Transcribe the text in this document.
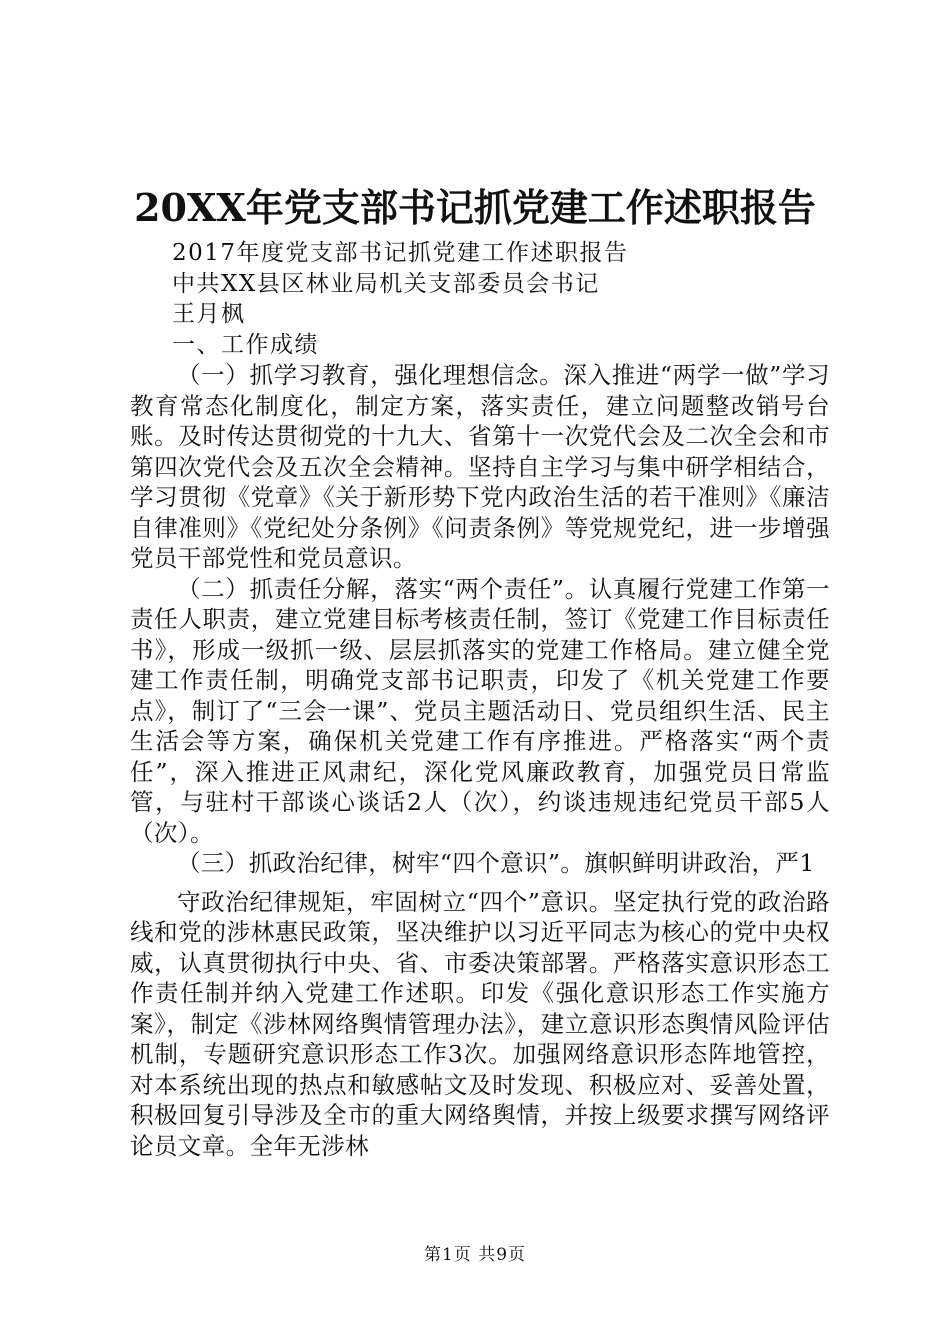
20XX年党支部书记抓党建工作述职报告
2017年度党支部书记抓党建工作述职报告
中共XX县区林业局机关支部委员会书记
王月枫
一、工作成绩

（一）抓学习教育，强化理想信念。深入推进“两学一做”学习教育常态化制度化，制定方案，落实责任，建立问题整改销号台账。及时传达贯彻党的十九大、省第十一次党代会及二次全会和市第四次党代会及五次全会精神。坚持自主学习与集中研学相结合，学习贯彻《党章》《关于新形势下党内政治生活的若干准则》《廉洁自律准则》《党纪处分条例》《问责条例》等党规党纪，进一步增强党员干部党性和党员意识。

（二）抓责任分解，落实“两个责任”。认真履行党建工作第一责任人职责，建立党建目标考核责任制，签订《党建工作目标责任书》，形成一级抓一级、层层抓落实的党建工作格局。建立健全党建工作责任制，明确党支部书记职责，印发了《机关党建工作要点》，制订了“三会一课”、党员主题活动日、党员组织生活、民主生活会等方案，确保机关党建工作有序推进。严格落实“两个责任”，深入推进正风肃纪，深化党风廉政教育，加强党员日常监管，与驻村干部谈心谈话2人（次），约谈违规违纪党员干部5人（次）。

（三）抓政治纪律，树牢“四个意识”。旗帜鲜明讲政治，严1

守政治纪律规矩，牢固树立“四个”意识。坚定执行党的政治路线和党的涉林惠民政策，坚决维护以习近平同志为核心的党中央权威，认真贯彻执行中央、省、市委决策部署。严格落实意识形态工作责任制并纳入党建工作述职。印发《强化意识形态工作实施方案》，制定《涉林网络舆情管理办法》，建立意识形态舆情风险评估机制，专题研究意识形态工作3次。加强网络意识形态阵地管控，对本系统出现的热点和敏感帖文及时发现、积极应对、妥善处置，积极回复引导涉及全市的重大网络舆情，并按上级要求撰写网络评论员文章。全年无涉林

第1页 共9页
